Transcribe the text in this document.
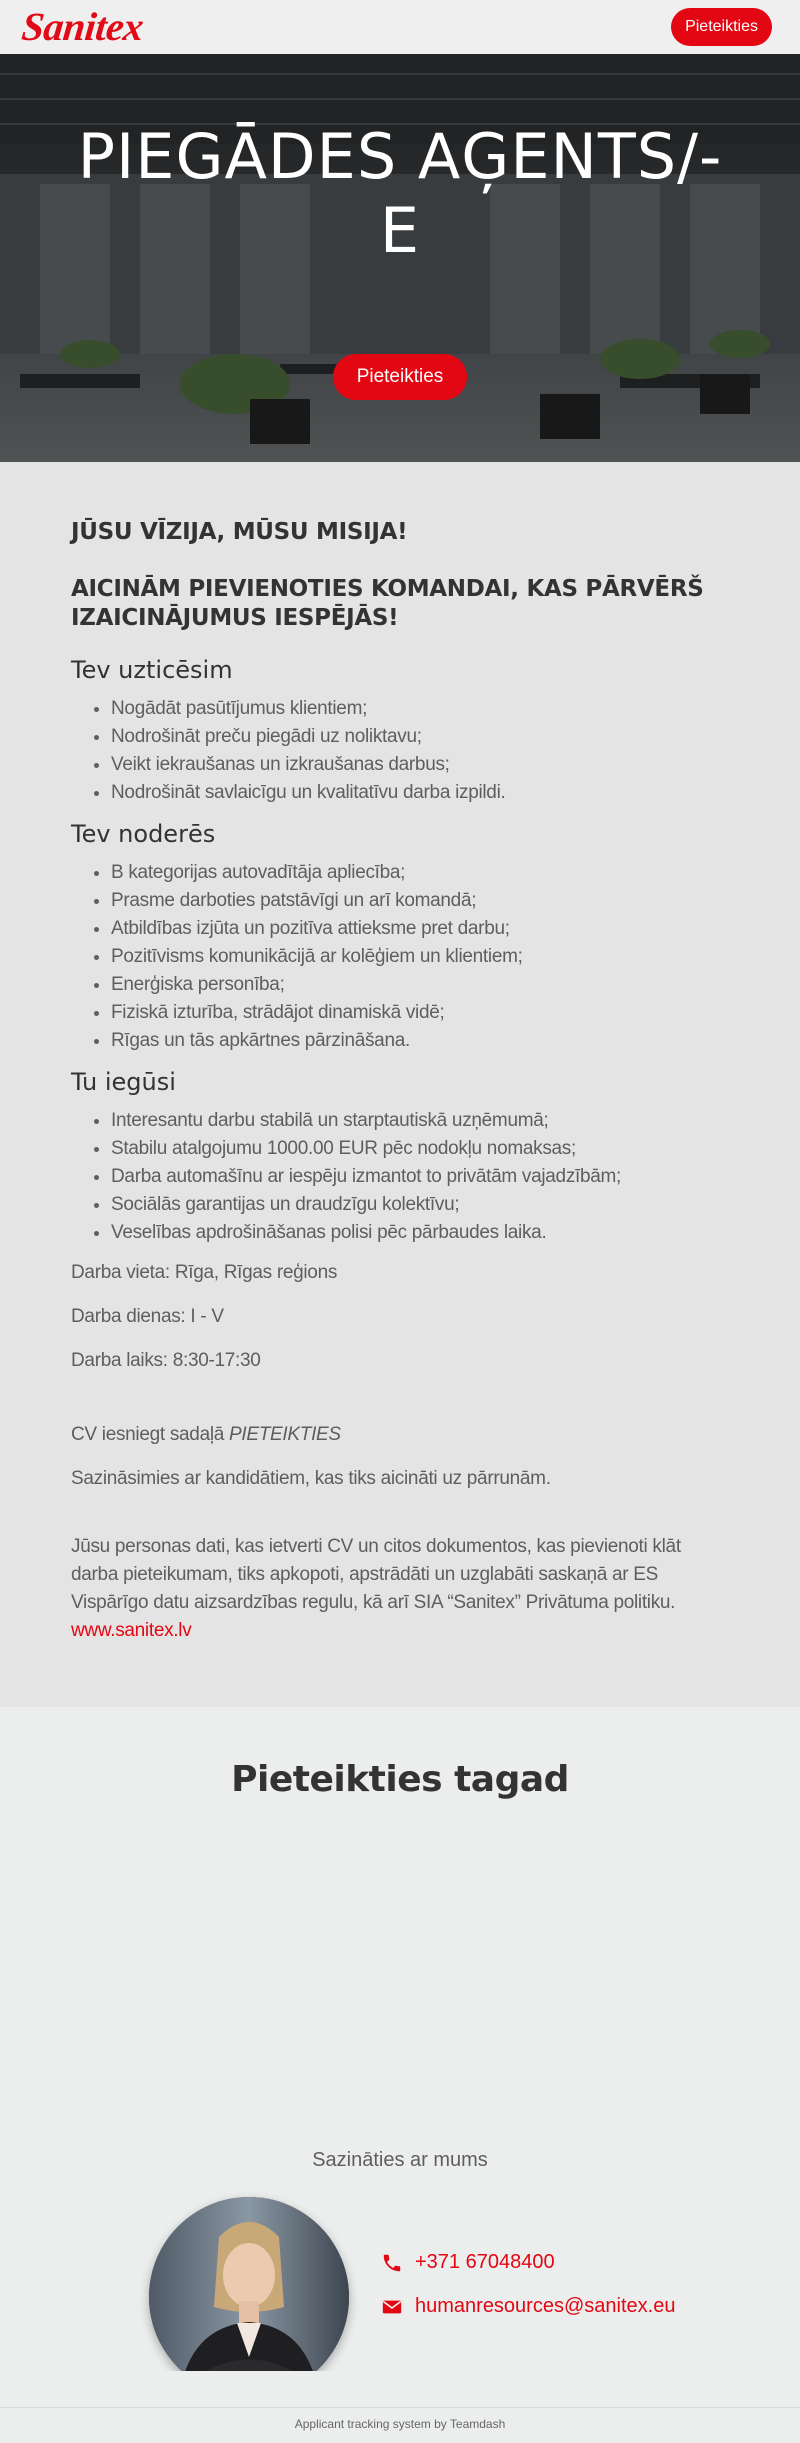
Sanitex	Pieteikties
PIEGĀDES AĢENTS/-E
Pieteikties
JŪSU VĪZIJA, MŪSU MISIJA!
AICINĀM PIEVIENOTIES KOMANDAI, KAS PĀRVĒRŠ IZAICINĀJUMUS IESPĒJĀS!
Tev uzticēsim
• Nogādāt pasūtījumus klientiem;
• Nodrošināt preču piegādi uz noliktavu;
• Veikt iekraušanas un izkraušanas darbus;
• Nodrošināt savlaicīgu un kvalitatīvu darba izpildi.
Tev noderēs
• B kategorijas autovadītāja apliecība;
• Prasme darboties patstāvīgi un arī komandā;
• Atbildības izjūta un pozitīva attieksme pret darbu;
• Pozitīvisms komunikācijā ar kolēģiem un klientiem;
• Enerģiska personība;
• Fiziskā izturība, strādājot dinamiskā vidē;
• Rīgas un tās apkārtnes pārzināšana.
Tu iegūsi
• Interesantu darbu stabilā un starptautiskā uzņēmumā;
• Stabilu atalgojumu 1000.00 EUR pēc nodokļu nomaksas;
• Darba automašīnu ar iespēju izmantot to privātām vajadzībām;
• Sociālās garantijas un draudzīgu kolektīvu;
• Veselības apdrošināšanas polisi pēc pārbaudes laika.

Darba vieta: Rīga, Rīgas reģions

Darba dienas: I - V

Darba laiks: 8:30-17:30

CV iesniegt sadaļā PIETEIKTIES

Sazināsimies ar kandidātiem, kas tiks aicināti uz pārrunām.

Jūsu personas dati, kas ietverti CV un citos dokumentos, kas pievienoti klāt darba pieteikumam, tiks apkopoti, apstrādāti un uzglabāti saskaņā ar ES Vispārīgo datu aizsardzības regulu, kā arī SIA “Sanitex” Privātuma politiku.
www.sanitex.lv

Pieteikties tagad
Sazināties ar mums
+371 67048400
humanresources@sanitex.eu
Applicant tracking system by Teamdash
